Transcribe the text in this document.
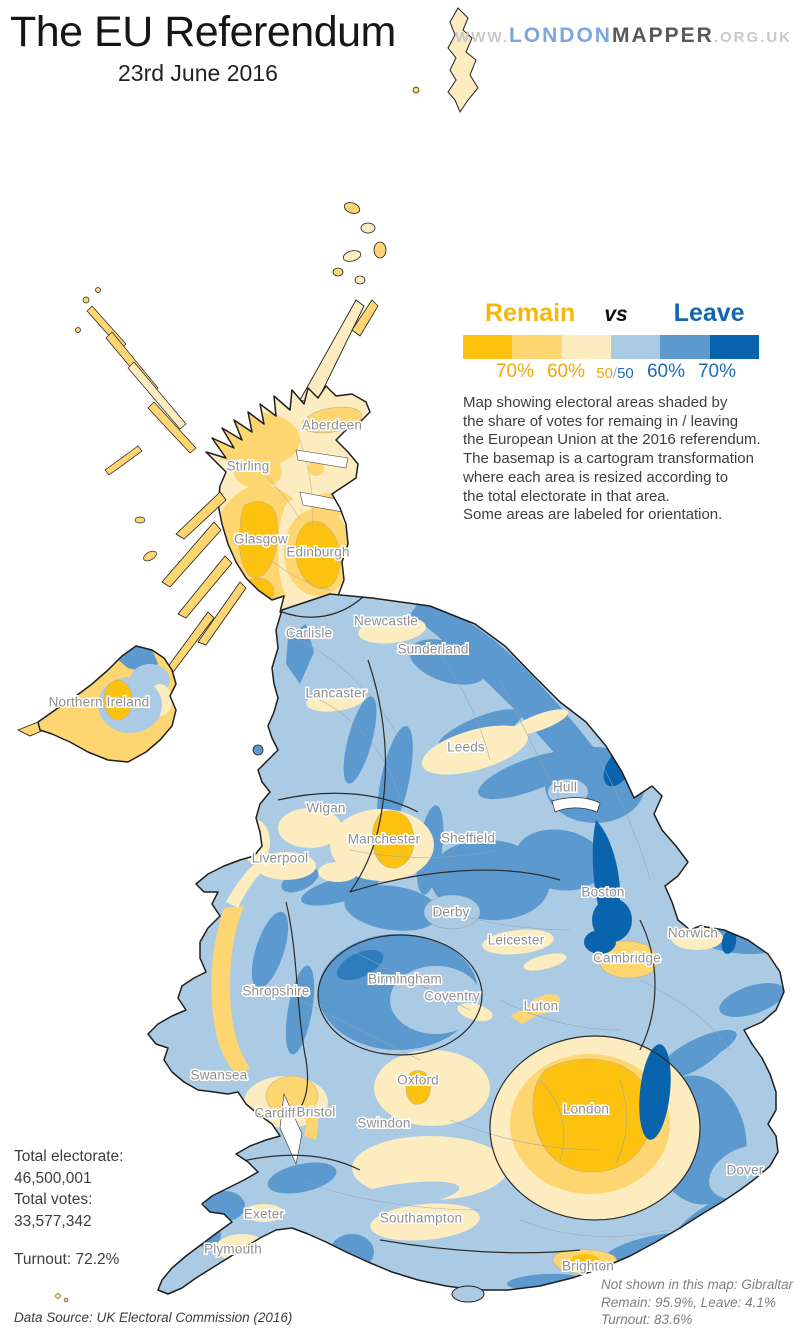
Aberdeen
Stirling
Glasgow
Edinburgh
Northern Ireland
Carlisle
Newcastle
Sunderland
Lancaster
Leeds
Hull
Wigan
Manchester Sheffield
Liverpool
Boston
Derby
Norwich
Leicester
Cambridge
Birmingham
Coventry
Shropshire
Luton
Swansea	Oxford
Cardiff Bristol
Swindon
London
Dover
Exeter	Southampton
Plymouth
Brighton
The EU Referendum
23rd June 2016
WWW.LONDONMAPPER.ORG.UK
Remain vs Leave
70% 60% 50/50 60% 70%
Map showing electoral areas shaded by
the share of votes for remaing in / leaving
the European Union at the 2016 referendum.
The basemap is a cartogram transformation
where each area is resized according to
the total electorate in that area.
Some areas are labeled for orientation.
Total electorate:
46,500,001
Total votes:
33,577,342
Turnout: 72.2%
Not shown in this map: Gibraltar
Remain: 95.9%, Leave: 4.1%
Turnout: 83.6%
Data Source: UK Electoral Commission (2016)
